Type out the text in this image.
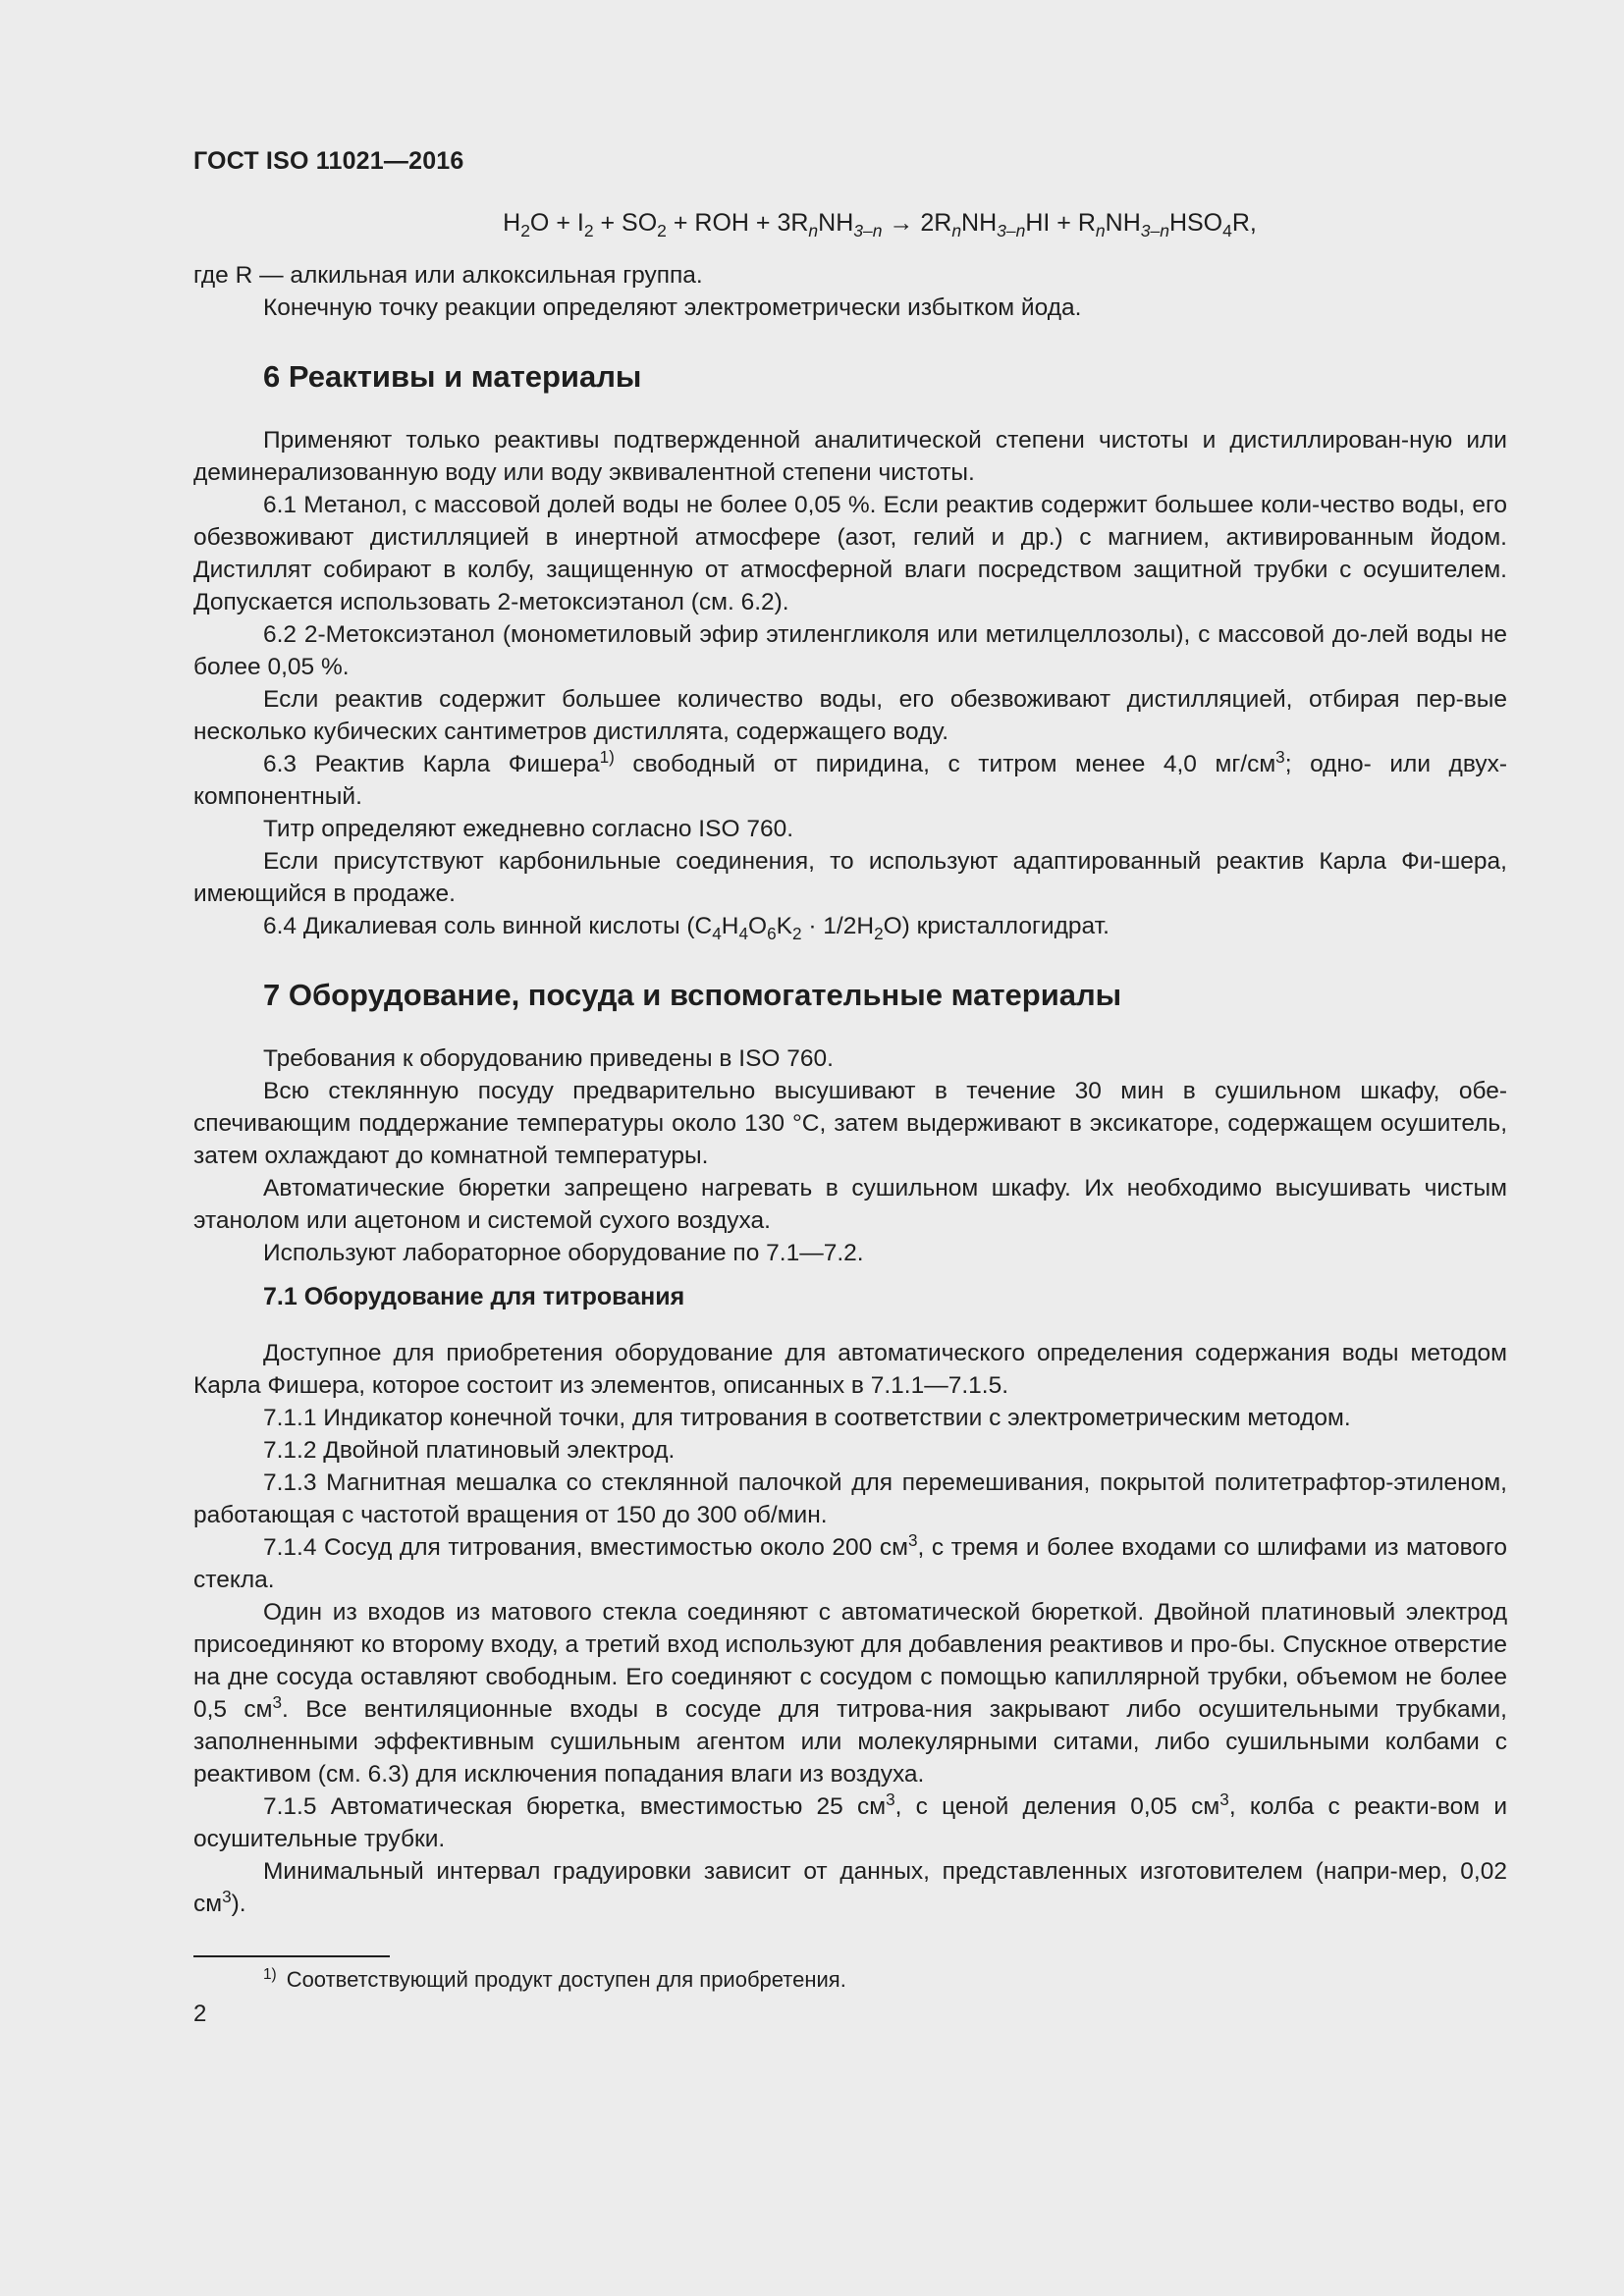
ГОСТ ISO 11021—2016
$H_2O + I_2 + SO_2$ + ROH + $3R_nNH_{3-n} \to 2R_nNH_{3-n}HI + R_nNH_{3-n}HSO_4R$,

где R — алкильная или алкоксильная группа.

Конечную точку реакции определяют электрометрически избытком йода.

6 Реактивы и материалы

Применяют только реактивы подтвержденной аналитической степени чистоты и дистиллирован-ную или деминерализованную воду или воду эквивалентной степени чистоты.

6.1 Метанол, с массовой долей воды не более 0,05 %. Если реактив содержит большее коли-чество воды, его обезвоживают дистилляцией в инертной атмосфере (азот, гелий и др.) с магнием, активированным йодом. Дистиллят собирают в колбу, защищенную от атмосферной влаги посредством защитной трубки с осушителем. Допускается использовать 2-метоксиэтанол (см. 6.2).

6.2 2-Метоксиэтанол (монометиловый эфир этиленгликоля или метилцеллозолы), с массовой до-лей воды не более 0,05 %.

Если реактив содержит большее количество воды, его обезвоживают дистилляцией, отбирая пер-вые несколько кубических сантиметров дистиллята, содержащего воду.

6.3 Реактив Карла Фишера$^{1)}$ свободный от пиридина, с титром менее 4,0 $мг/см^3$; одно- или двух-компонентный.

Титр определяют ежедневно согласно ISO 760.

Если присутствуют карбонильные соединения, то используют адаптированный реактив Карла Фи-шера, имеющийся в продаже.

6.4 Дикалиевая соль винной кислоты $(C_4H_4O_6K_2 \cdot 1/2H_2O)$ кристаллогидрат.

7 Оборудование, посуда и вспомогательные материалы

Требования к оборудованию приведены в ISO 760.

Всю стеклянную посуду предварительно высушивают в течение 30 мин в сушильном шкафу, обе-спечивающим поддержание температуры около 130 °С, затем выдерживают в эксикаторе, содержащем осушитель, затем охлаждают до комнатной температуры.

Автоматические бюретки запрещено нагревать в сушильном шкафу. Их необходимо высушивать чистым этанолом или ацетоном и системой сухого воздуха.

Используют лабораторное оборудование по 7.1—7.2.

7.1 Оборудование для титрования

Доступное для приобретения оборудование для автоматического определения содержания воды методом Карла Фишера, которое состоит из элементов, описанных в 7.1.1—7.1.5.

7.1.1 Индикатор конечной точки, для титрования в соответствии с электрометрическим методом.

7.1.2 Двойной платиновый электрод.

7.1.3 Магнитная мешалка со стеклянной палочкой для перемешивания, покрытой политетрафтор-этиленом, работающая с частотой вращения от 150 до 300 об/мин.

7.1.4 Сосуд для титрования, вместимостью около 200 $см^3$, с тремя и более входами со шлифами из матового стекла.

Один из входов из матового стекла соединяют с автоматической бюреткой. Двойной платиновый электрод присоединяют ко второму входу, а третий вход используют для добавления реактивов и про-бы. Спускное отверстие на дне сосуда оставляют свободным. Его соединяют с сосудом с помощью капиллярной трубки, объемом не более 0,5 $см^3$. Все вентиляционные входы в сосуде для титрова-ния закрывают либо осушительными трубками, заполненными эффективным сушильным агентом или молекулярными ситами, либо сушильными колбами с реактивом (см. 6.3) для исключения попадания влаги из воздуха.

7.1.5 Автоматическая бюретка, вместимостью 25 $см^3$, с ценой деления 0,05 $см^3$, колба с реакти-вом и осушительные трубки.

Минимальный интервал градуировки зависит от данных, представленных изготовителем (напри-мер, 0,02 $см^3$).

$^{1)}$ Соответствующий продукт доступен для приобретения.
2
